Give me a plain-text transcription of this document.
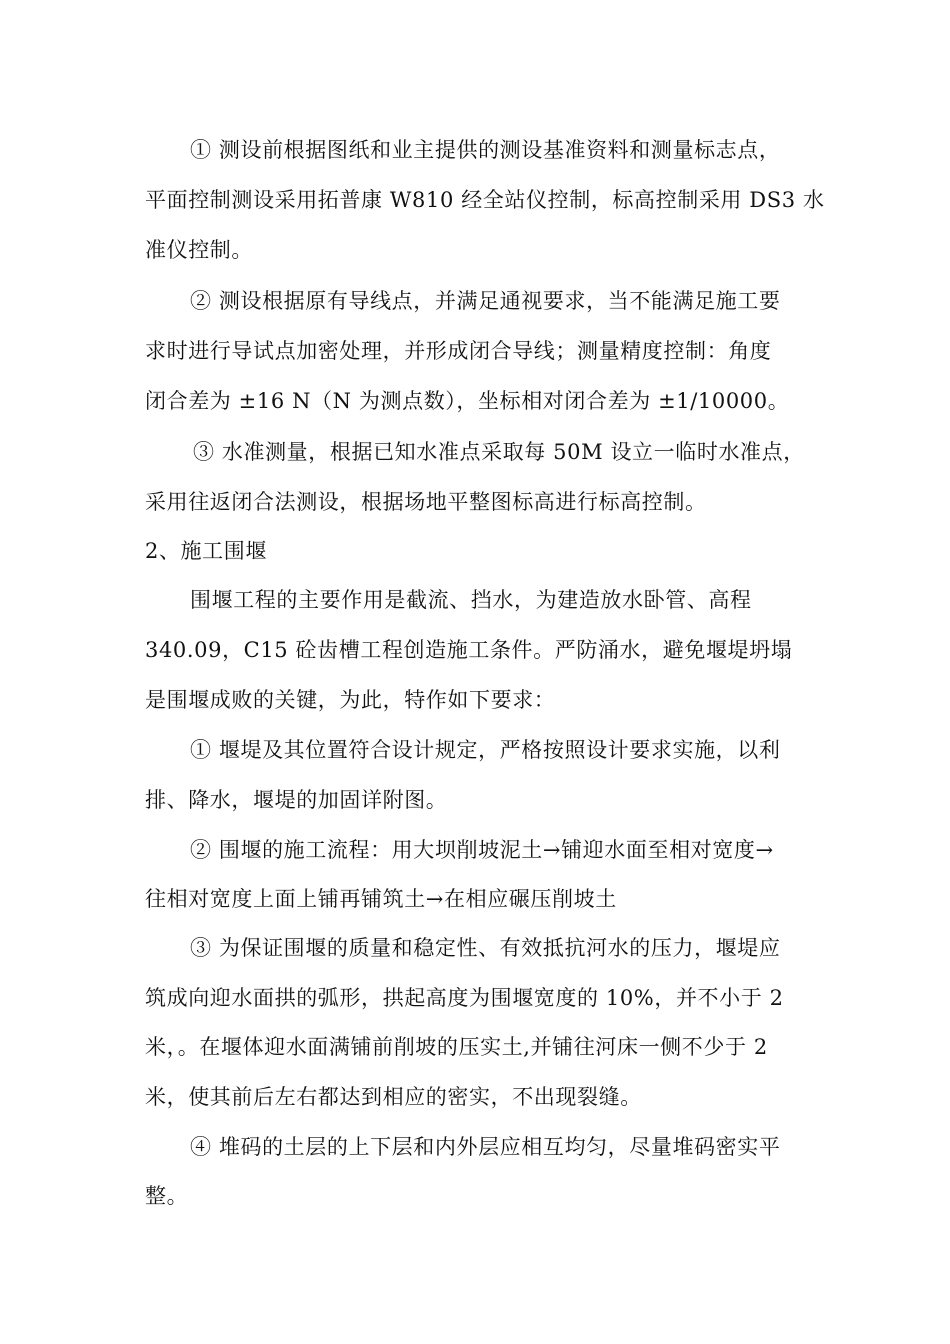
① 测设前根据图纸和业主提供的测设基准资料和测量标志点，
平面控制测设采用拓普康 W810 经全站仪控制，标高控制采用 DS3 水
准仪控制。
② 测设根据原有导线点，并满足通视要求，当不能满足施工要
求时进行导试点加密处理，并形成闭合导线；测量精度控制：角度
闭合差为 ±16 N（N 为测点数），坐标相对闭合差为 ±1/10000。
③ 水准测量，根据已知水准点采取每 50M 设立一临时水准点，
采用往返闭合法测设，根据场地平整图标高进行标高控制。
2、施工围堰
围堰工程的主要作用是截流、挡水，为建造放水卧管、高程
340.09，C15 砼齿槽工程创造施工条件。严防涌水，避免堰堤坍塌
是围堰成败的关键，为此，特作如下要求：
① 堰堤及其位置符合设计规定，严格按照设计要求实施，以利
排、降水，堰堤的加固详附图。
② 围堰的施工流程：用大坝削坡泥土→铺迎水面至相对宽度→
往相对宽度上面上铺再铺筑土→在相应碾压削坡土
③ 为保证围堰的质量和稳定性、有效抵抗河水的压力，堰堤应
筑成向迎水面拱的弧形，拱起高度为围堰宽度的 10%，并不小于 2
米，。在堰体迎水面满铺前削坡的压实土,并铺往河床一侧不少于 2
米，使其前后左右都达到相应的密实，不出现裂缝。
④ 堆码的土层的上下层和内外层应相互均匀，尽量堆码密实平
整。
